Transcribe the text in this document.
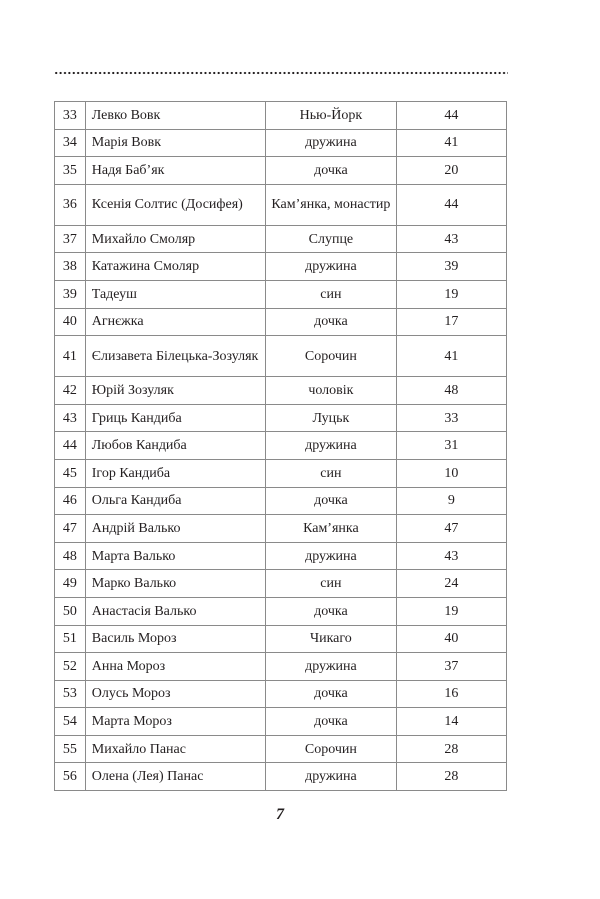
33	Левко Вовк	Нью-Йорк	44
34	Марія Вовк	дружина	41
35	Надя Баб’як	дочка	20
36	Ксенія Солтис (Досифея)	Кам’янка, монастир	44
37	Михайло Смоляр	Слупце	43
38	Катажина Смоляр	дружина	39
39	Тадеуш	син	19
40	Агнєжка	дочка	17
41	Єлизавета Білецька-Зозуляк	Сорочин	41
42	Юрій Зозуляк	чоловік	48
43	Гриць Кандиба	Луцьк	33
44	Любов Кандиба	дружина	31
45	Ігор Кандиба	син	10
46	Ольга Кандиба	дочка	9
47	Андрій Валько	Кам’янка	47
48	Марта Валько	дружина	43
49	Марко Валько	син	24
50	Анастасія Валько	дочка	19
51	Василь Мороз	Чикаго	40
52	Анна Мороз	дружина	37
53	Олусь Мороз	дочка	16
54	Марта Мороз	дочка	14
55	Михайло Панас	Сорочин	28
56	Олена (Лея) Панас	дружина	28
7
